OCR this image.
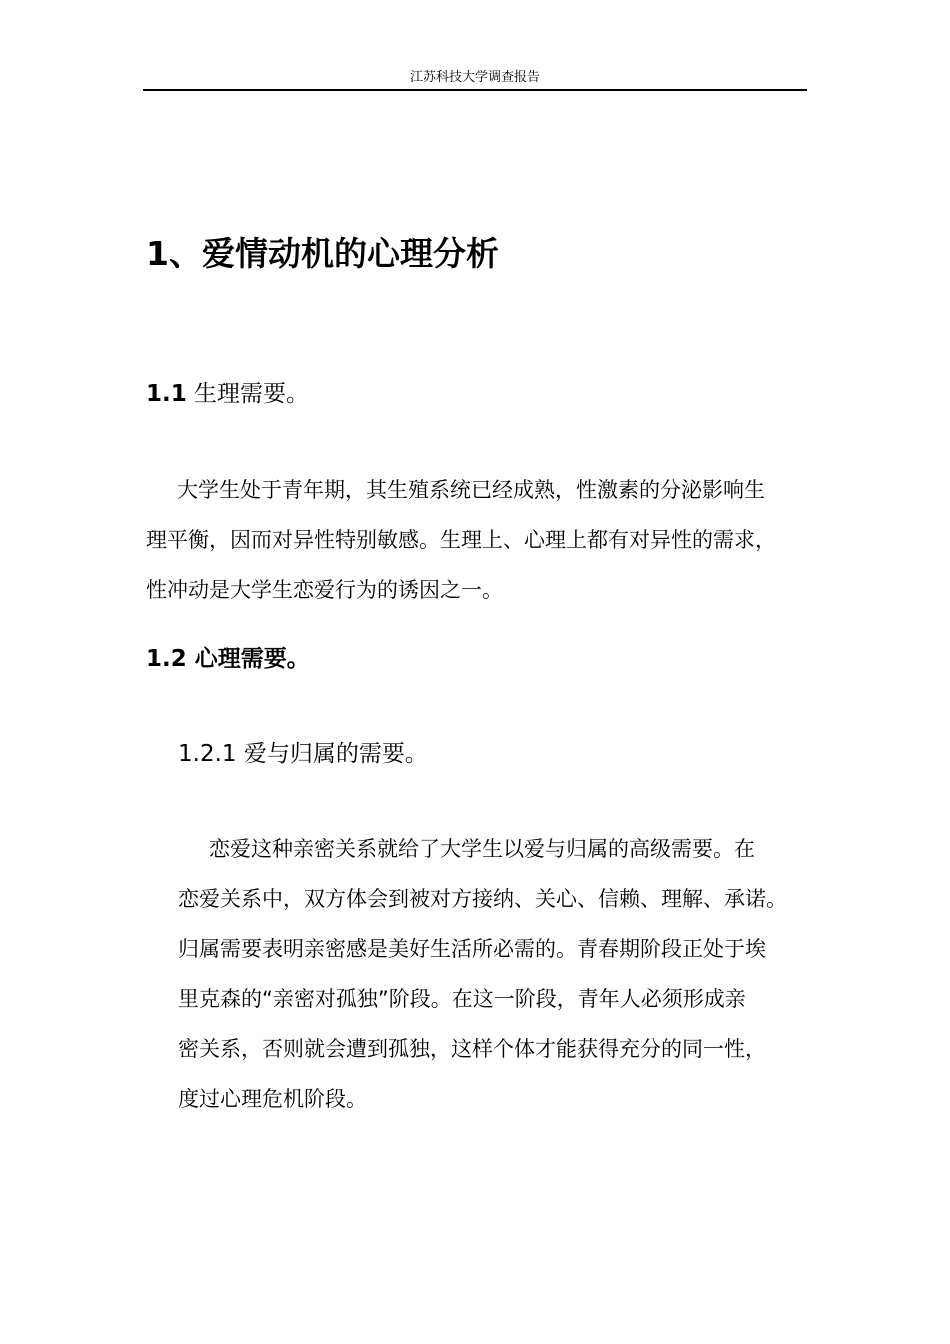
江苏科技大学调查报告
1、爱情动机的心理分析
1.1 生理需要。
大学生处于青年期，其生殖系统已经成熟，性激素的分泌影响生
理平衡，因而对异性特别敏感。生理上、心理上都有对异性的需求，
性冲动是大学生恋爱行为的诱因之一。
1.2 心理需要。
1.2.1 爱与归属的需要。
恋爱这种亲密关系就给了大学生以爱与归属的高级需要。在
恋爱关系中，双方体会到被对方接纳、关心、信赖、理解、承诺。
归属需要表明亲密感是美好生活所必需的。青春期阶段正处于埃
里克森的“亲密对孤独”阶段。在这一阶段，青年人必须形成亲
密关系，否则就会遭到孤独，这样个体才能获得充分的同一性，
度过心理危机阶段。
